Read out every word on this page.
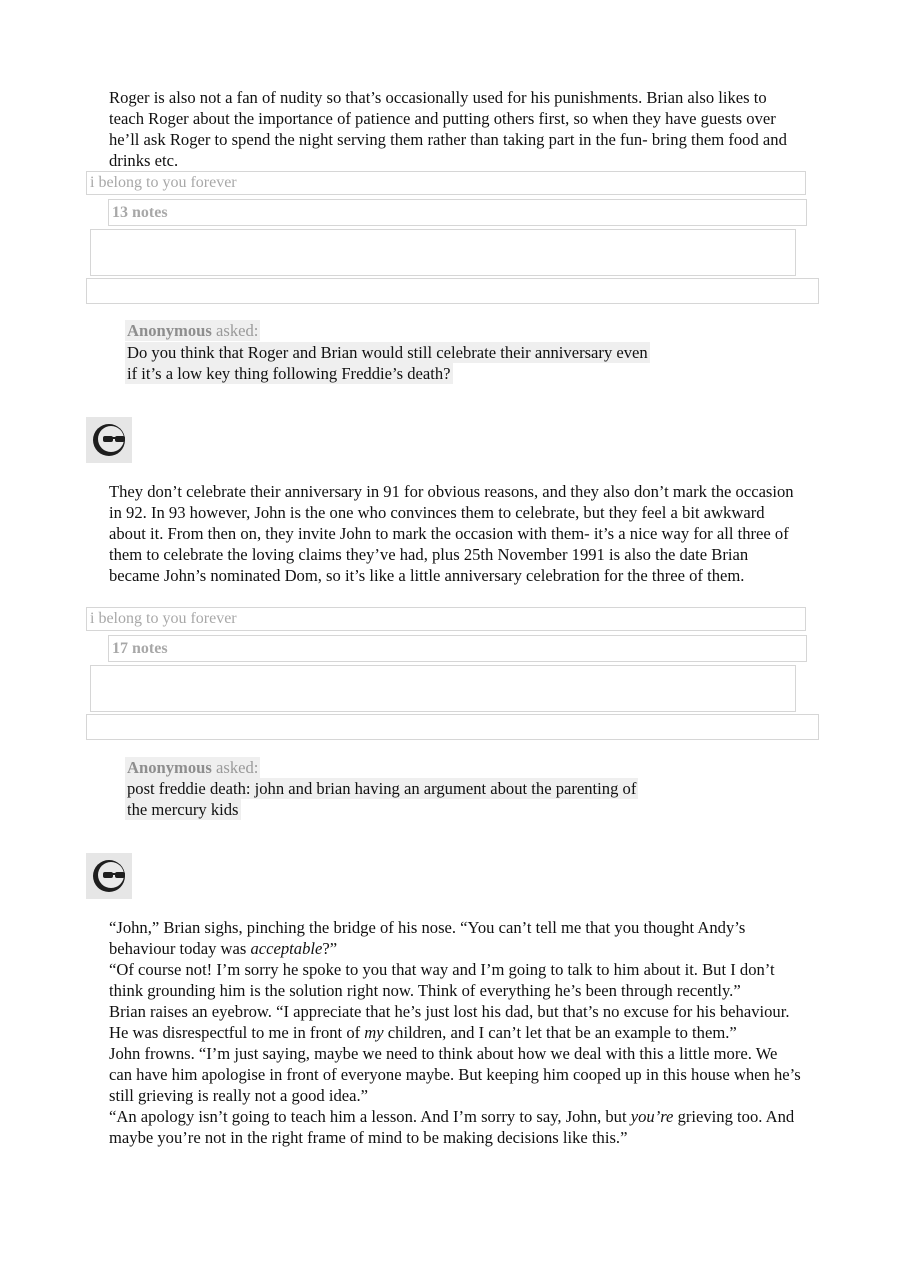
Roger is also not a fan of nudity so that’s occasionally used for his punishments. Brian also likes to teach Roger about the importance of patience and putting others first, so when they have guests over he’ll ask Roger to spend the night serving them rather than taking part in the fun- bring them food and drinks etc.

i belong to you forever
13 notes
Anonymous asked:
Do you think that Roger and Brian would still celebrate their anniversary even
if it’s a low key thing following Freddie’s death?

They don’t celebrate their anniversary in 91 for obvious reasons, and they also don’t mark the occasion in 92. In 93 however, John is the one who convinces them to celebrate, but they feel a bit awkward about it. From then on, they invite John to mark the occasion with them- it’s a nice way for all three of them to celebrate the loving claims they’ve had, plus 25th November 1991 is also the date Brian became John’s nominated Dom, so it’s like a little anniversary celebration for the three of them.

i belong to you forever
17 notes
Anonymous asked:
post freddie death: john and brian having an argument about the parenting of
the mercury kids

“John,” Brian sighs, pinching the bridge of his nose. “You can’t tell me that you thought Andy’s behaviour today was acceptable?”

“Of course not! I’m sorry he spoke to you that way and I’m going to talk to him about it. But I don’t think grounding him is the solution right now. Think of everything he’s been through recently.”

Brian raises an eyebrow. “I appreciate that he’s just lost his dad, but that’s no excuse for his behaviour. He was disrespectful to me in front of my children, and I can’t let that be an example to them.”

John frowns. “I’m just saying, maybe we need to think about how we deal with this a little more. We can have him apologise in front of everyone maybe. But keeping him cooped up in this house when he’s still grieving is really not a good idea.”

“An apology isn’t going to teach him a lesson. And I’m sorry to say, John, but you’re grieving too. And maybe you’re not in the right frame of mind to be making decisions like this.”
